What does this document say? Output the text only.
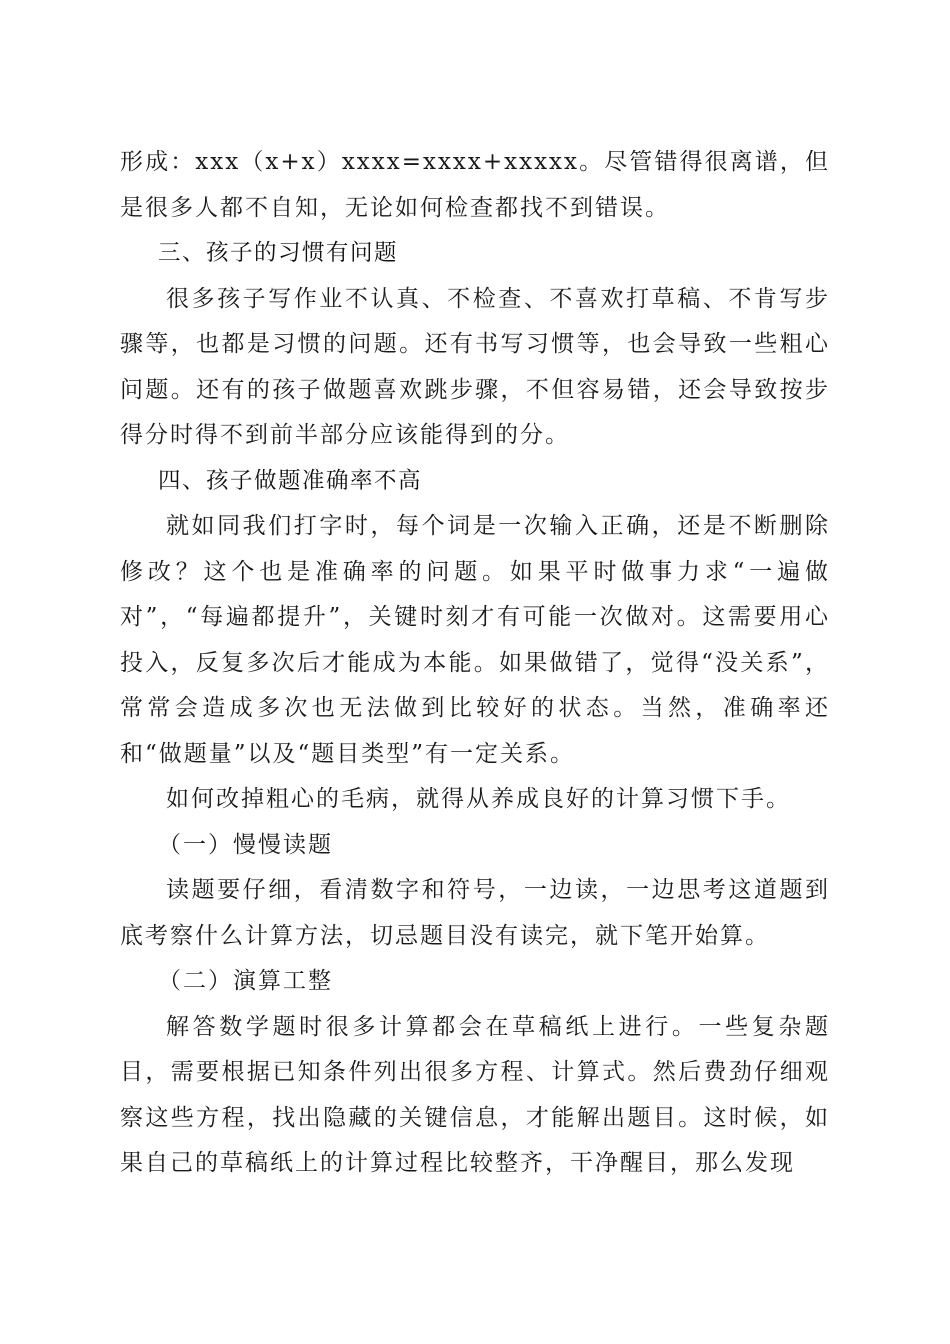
形成：xxx（x+x）xxxx=xxxx+xxxxx。尽管错得很离谱，但是很多人都不自知，无论如何检查都找不到错误。

三、孩子的习惯有问题

很多孩子写作业不认真、不检查、不喜欢打草稿、不肯写步骤等，也都是习惯的问题。还有书写习惯等，也会导致一些粗心问题。还有的孩子做题喜欢跳步骤，不但容易错，还会导致按步得分时得不到前半部分应该能得到的分。

四、孩子做题准确率不高

就如同我们打字时，每个词是一次输入正确，还是不断删除修改？这个也是准确率的问题。如果平时做事力求“一遍做对”，“每遍都提升”，关键时刻才有可能一次做对。这需要用心投入，反复多次后才能成为本能。如果做错了，觉得“没关系”，常常会造成多次也无法做到比较好的状态。当然，准确率还和“做题量”以及“题目类型”有一定关系。

如何改掉粗心的毛病，就得从养成良好的计算习惯下手。

（一）慢慢读题

读题要仔细，看清数字和符号，一边读，一边思考这道题到底考察什么计算方法，切忌题目没有读完，就下笔开始算。

（二）演算工整

解答数学题时很多计算都会在草稿纸上进行。一些复杂题目，需要根据已知条件列出很多方程、计算式。然后费劲仔细观察这些方程，找出隐藏的关键信息，才能解出题目。这时候，如果自己的草稿纸上的计算过程比较整齐，干净醒目，那么发现
